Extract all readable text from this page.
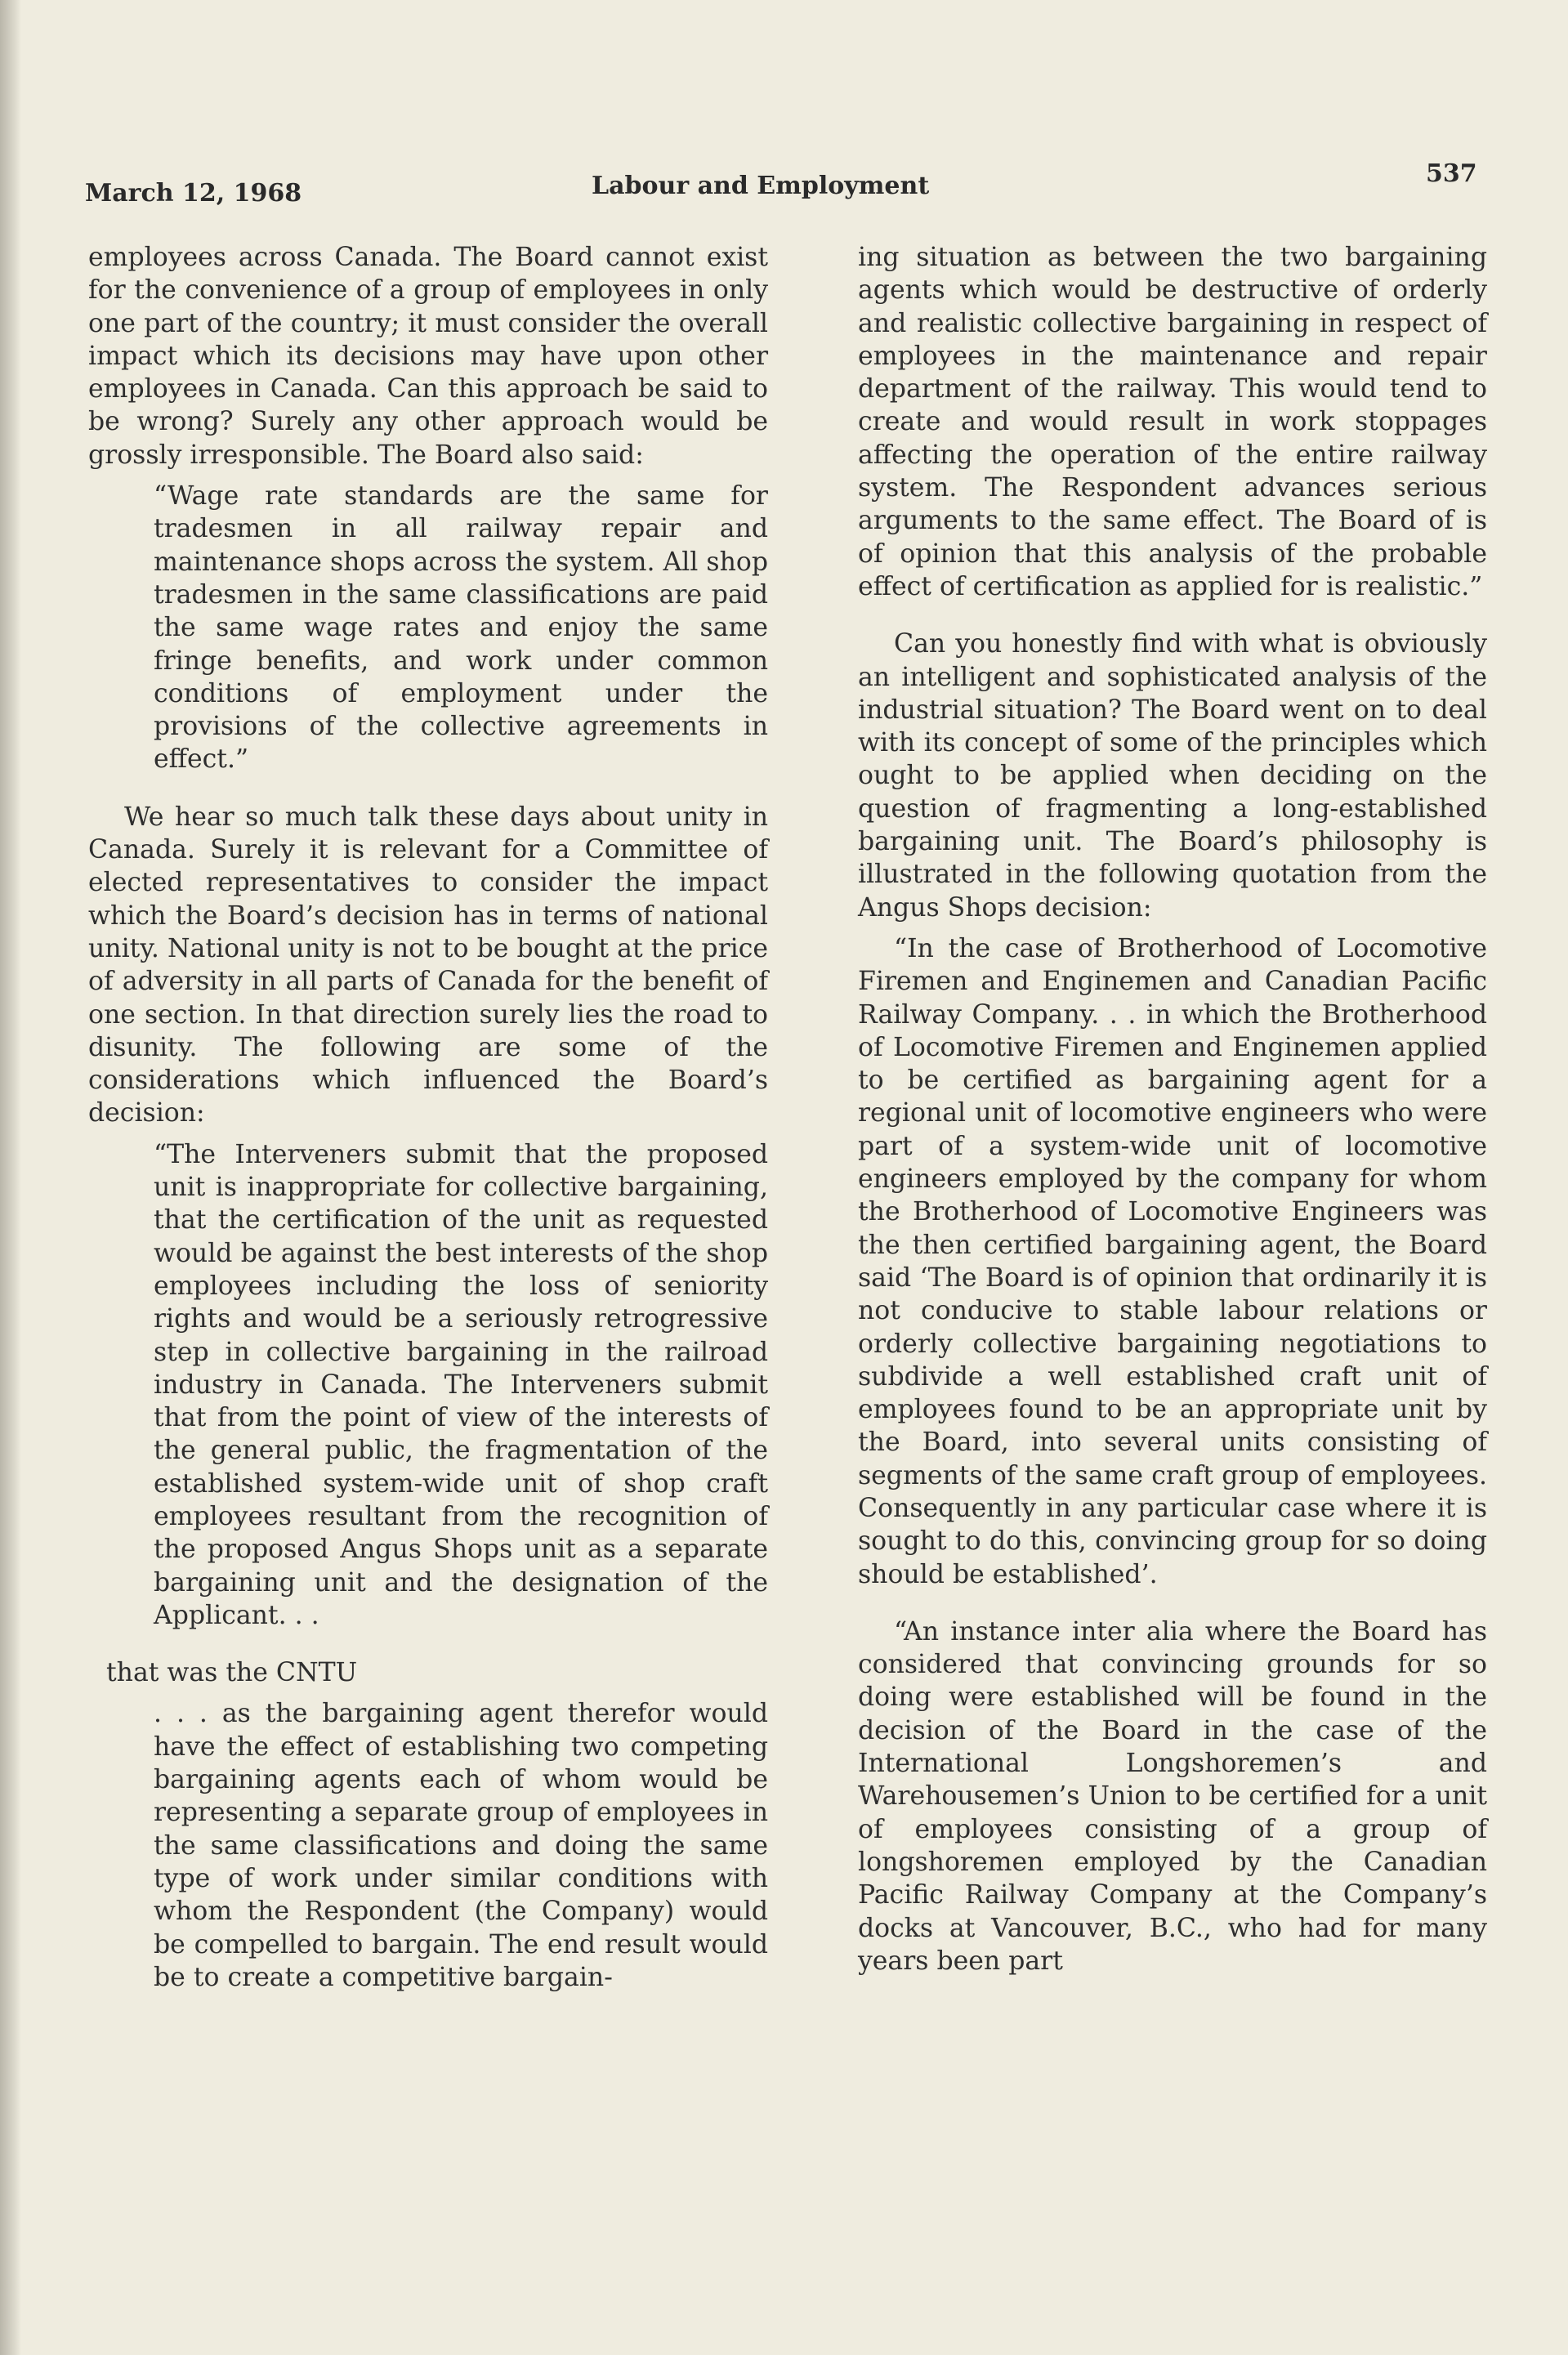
March 12, 1968	Labour and Employment	537

employees across Canada. The Board cannot exist for the convenience of a group of employees in only one part of the country; it must consider the overall impact which its decisions may have upon other employees in Canada. Can this approach be said to be wrong? Surely any other approach would be grossly irresponsible. The Board also said:

“Wage rate standards are the same for tradesmen in all railway repair and maintenance shops across the system. All shop tradesmen in the same classifications are paid the same wage rates and enjoy the same fringe benefits, and work under common conditions of employment under the provisions of the collective agreements in effect.”

We hear so much talk these days about unity in Canada. Surely it is relevant for a Committee of elected representatives to consider the impact which the Board’s decision has in terms of national unity. National unity is not to be bought at the price of adversity in all parts of Canada for the benefit of one section. In that direction surely lies the road to disunity. The following are some of the considerations which influenced the Board’s decision:

“The Interveners submit that the proposed unit is inappropriate for collective bargaining, that the certification of the unit as requested would be against the best interests of the shop employees including the loss of seniority rights and would be a seriously retrogressive step in collective bargaining in the railroad industry in Canada. The Interveners submit that from the point of view of the interests of the general public, the fragmentation of the established system-wide unit of shop craft employees resultant from the recognition of the proposed Angus Shops unit as a separate bargaining unit and the designation of the Applicant. . .

that was the CNTU

. . . as the bargaining agent therefor would have the effect of establishing two competing bargaining agents each of whom would be representing a separate group of employees in the same classifications and doing the same type of work under similar conditions with whom the Respondent (the Company) would be compelled to bargain. The end result would be to create a competitive bargain-

ing situation as between the two bargaining agents which would be destructive of orderly and realistic collective bargaining in respect of employees in the maintenance and repair department of the railway. This would tend to create and would result in work stoppages affecting the operation of the entire railway system. The Respondent advances serious arguments to the same effect. The Board of is of opinion that this analysis of the probable effect of certification as applied for is realistic.”

Can you honestly find with what is obviously an intelligent and sophisticated analysis of the industrial situation? The Board went on to deal with its concept of some of the principles which ought to be applied when deciding on the question of fragmenting a long-established bargaining unit. The Board’s philosophy is illustrated in the following quotation from the Angus Shops decision:

“In the case of Brotherhood of Locomotive Firemen and Enginemen and Canadian Pacific Railway Company. . . in which the Brotherhood of Locomotive Firemen and Enginemen applied to be certified as bargaining agent for a regional unit of locomotive engineers who were part of a system-wide unit of locomotive engineers employed by the company for whom the Brotherhood of Locomotive Engineers was the then certified bargaining agent, the Board said ‘The Board is of opinion that ordinarily it is not conducive to stable labour relations or orderly collective bargaining negotiations to subdivide a well established craft unit of employees found to be an appropriate unit by the Board, into several units consisting of segments of the same craft group of employees. Consequently in any particular case where it is sought to do this, convincing group for so doing should be established’.

“An instance inter alia where the Board has considered that convincing grounds for so doing were established will be found in the decision of the Board in the case of the International Longshoremen’s and Warehousemen’s Union to be certified for a unit of employees consisting of a group of longshoremen employed by the Canadian Pacific Railway Company at the Company’s docks at Vancouver, B.C., who had for many years been part
